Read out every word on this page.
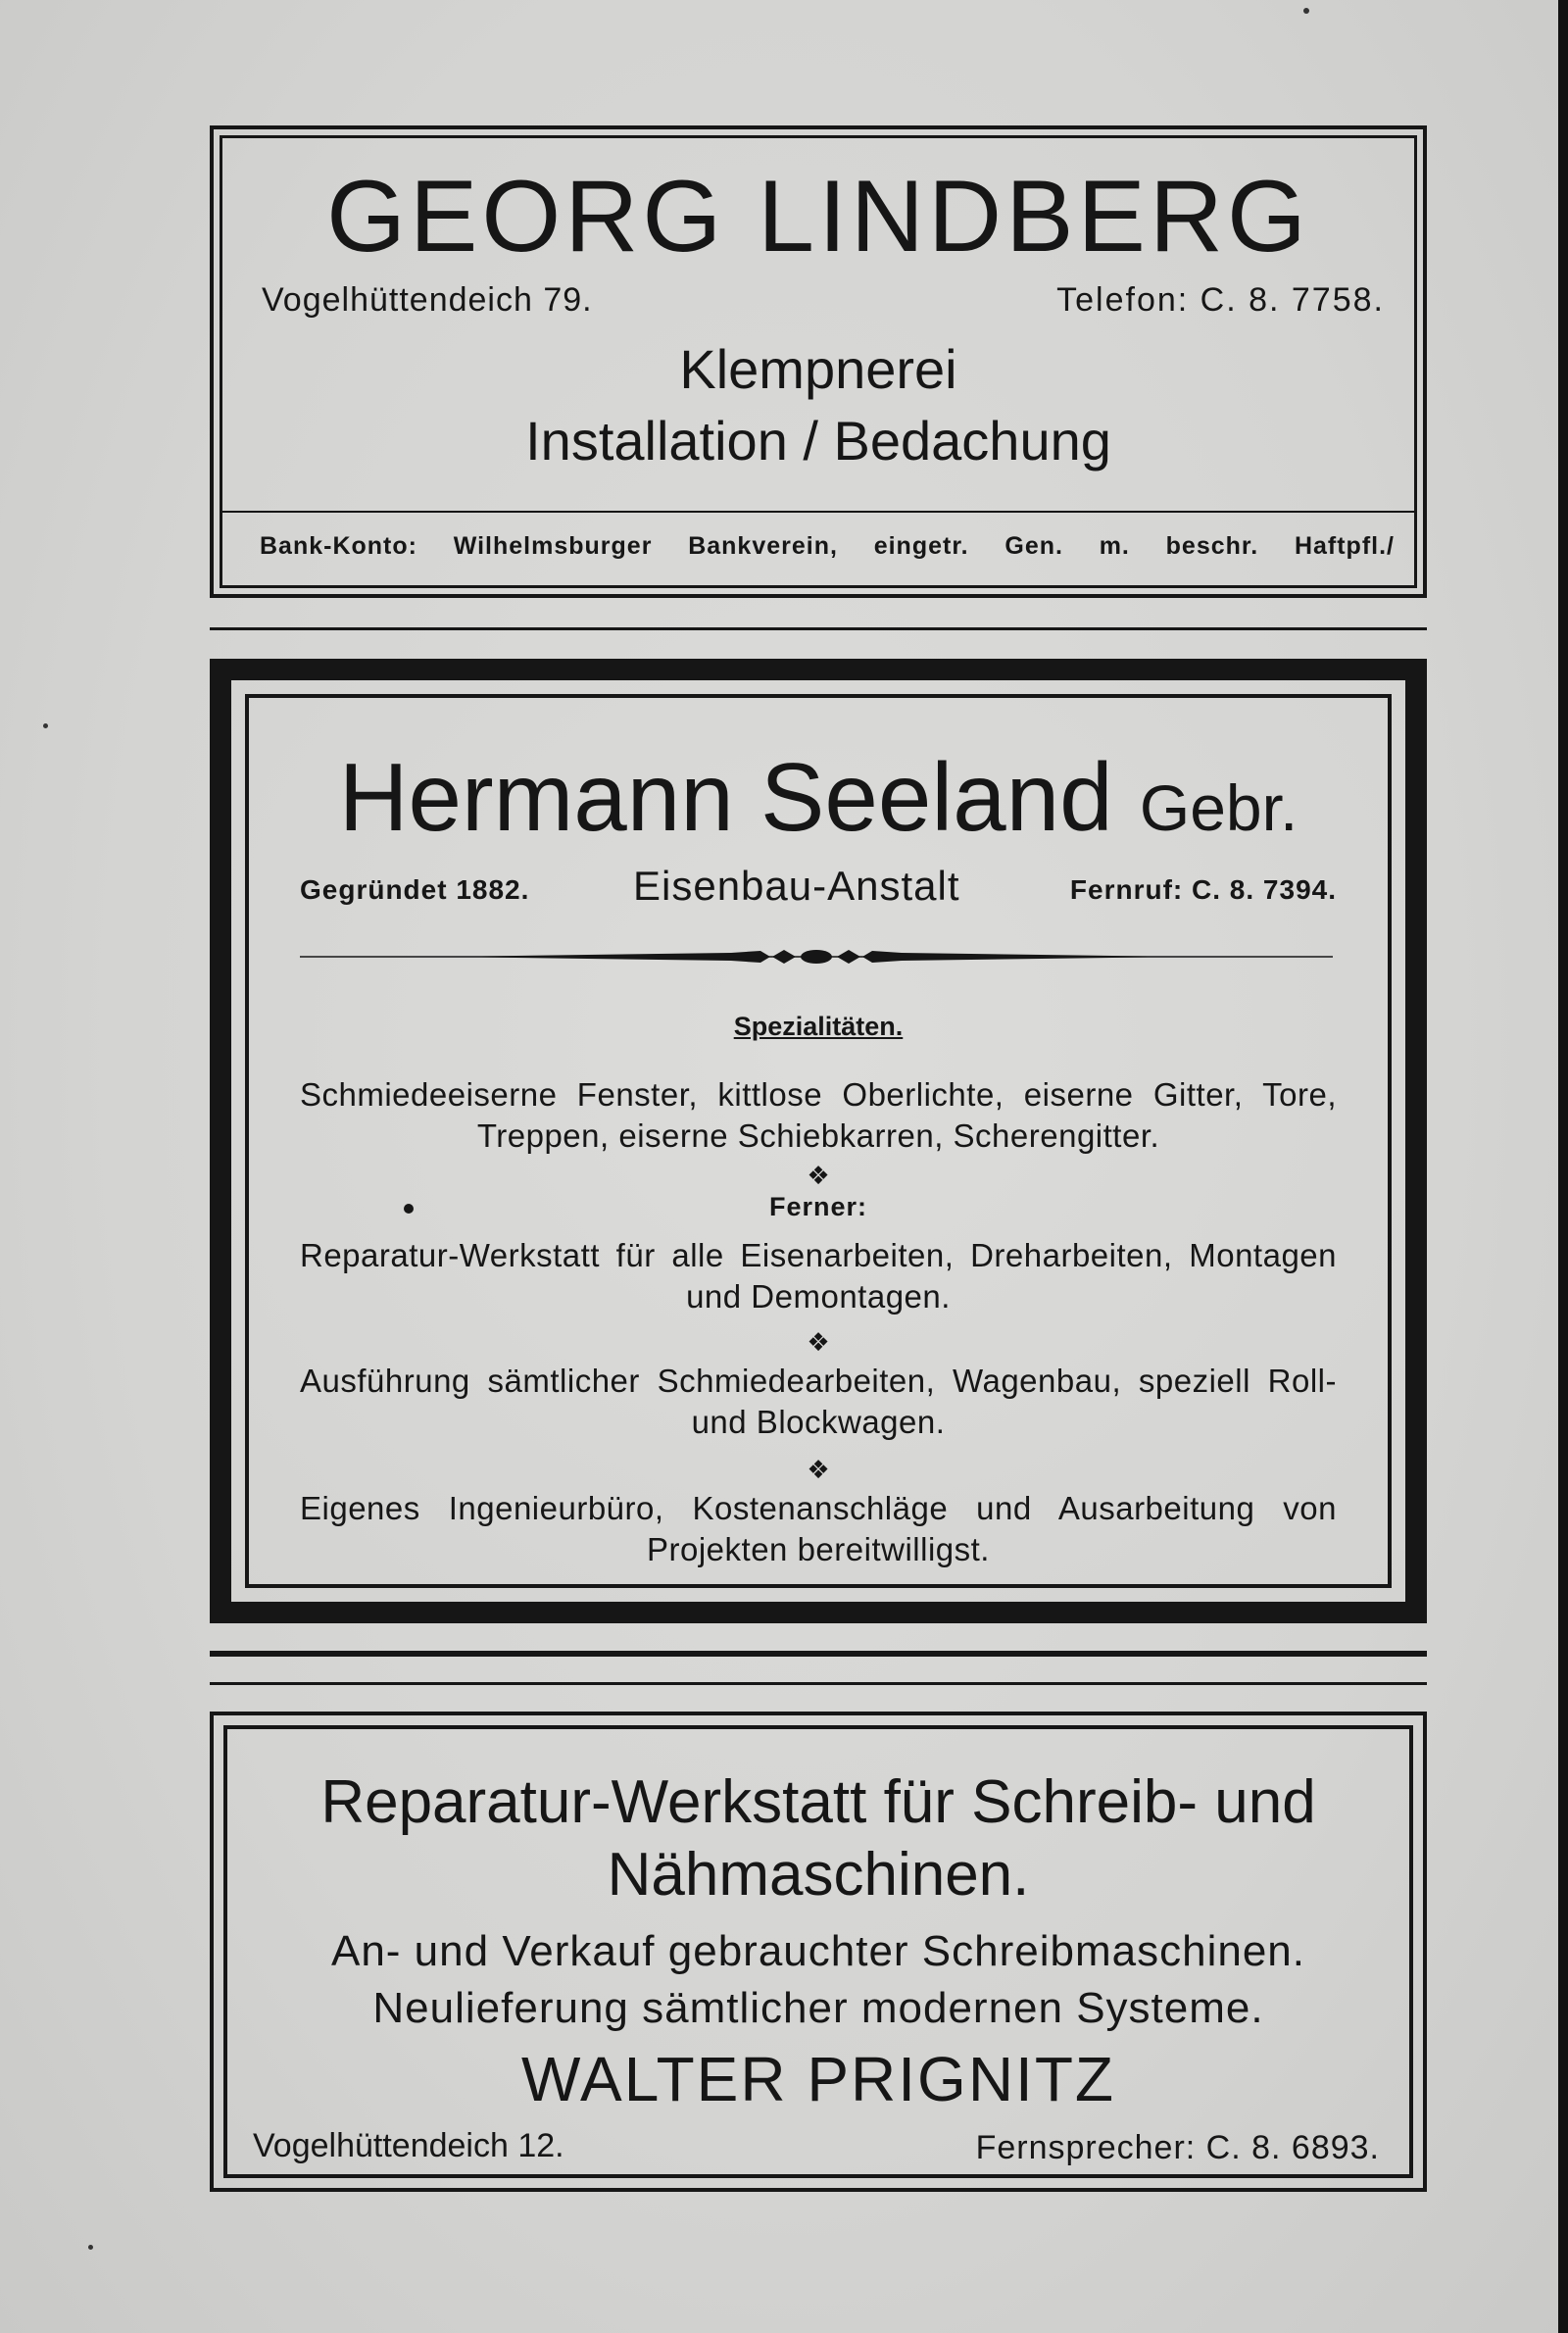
GEORG LINDBERG
Vogelhüttendeich 79.	Telefon: C. 8. 7758.
Klempnerei
Installation / Bedachung
Bank-Konto: Wilhelmsburger Bankverein, eingetr. Gen. m. beschr. Haftpfl./
Hermann Seeland Gebr.
Gegründet 1882.	Eisenbau-Anstalt	Fernruf: C. 8. 7394.
Spezialitäten.
Schmiedeeiserne Fenster, kittlose Oberlichte, eiserne Gitter, Tore, Treppen, eiserne Schiebkarren, Scherengitter.
❖
Ferner:
Reparatur-Werkstatt für alle Eisenarbeiten, Dreharbeiten, Montagen und Demontagen.
❖
Ausführung sämtlicher Schmiedearbeiten, Wagenbau, speziell Roll- und Blockwagen.
❖
Eigenes Ingenieurbüro, Kostenanschläge und Ausarbeitung von Projekten bereitwilligst.
Reparatur-Werkstatt für Schreib- und
Nähmaschinen.
An- und Verkauf gebrauchter Schreibmaschinen.
Neulieferung sämtlicher modernen Systeme.
WALTER PRIGNITZ
Vogelhüttendeich 12.	Fernsprecher: C. 8. 6893.
